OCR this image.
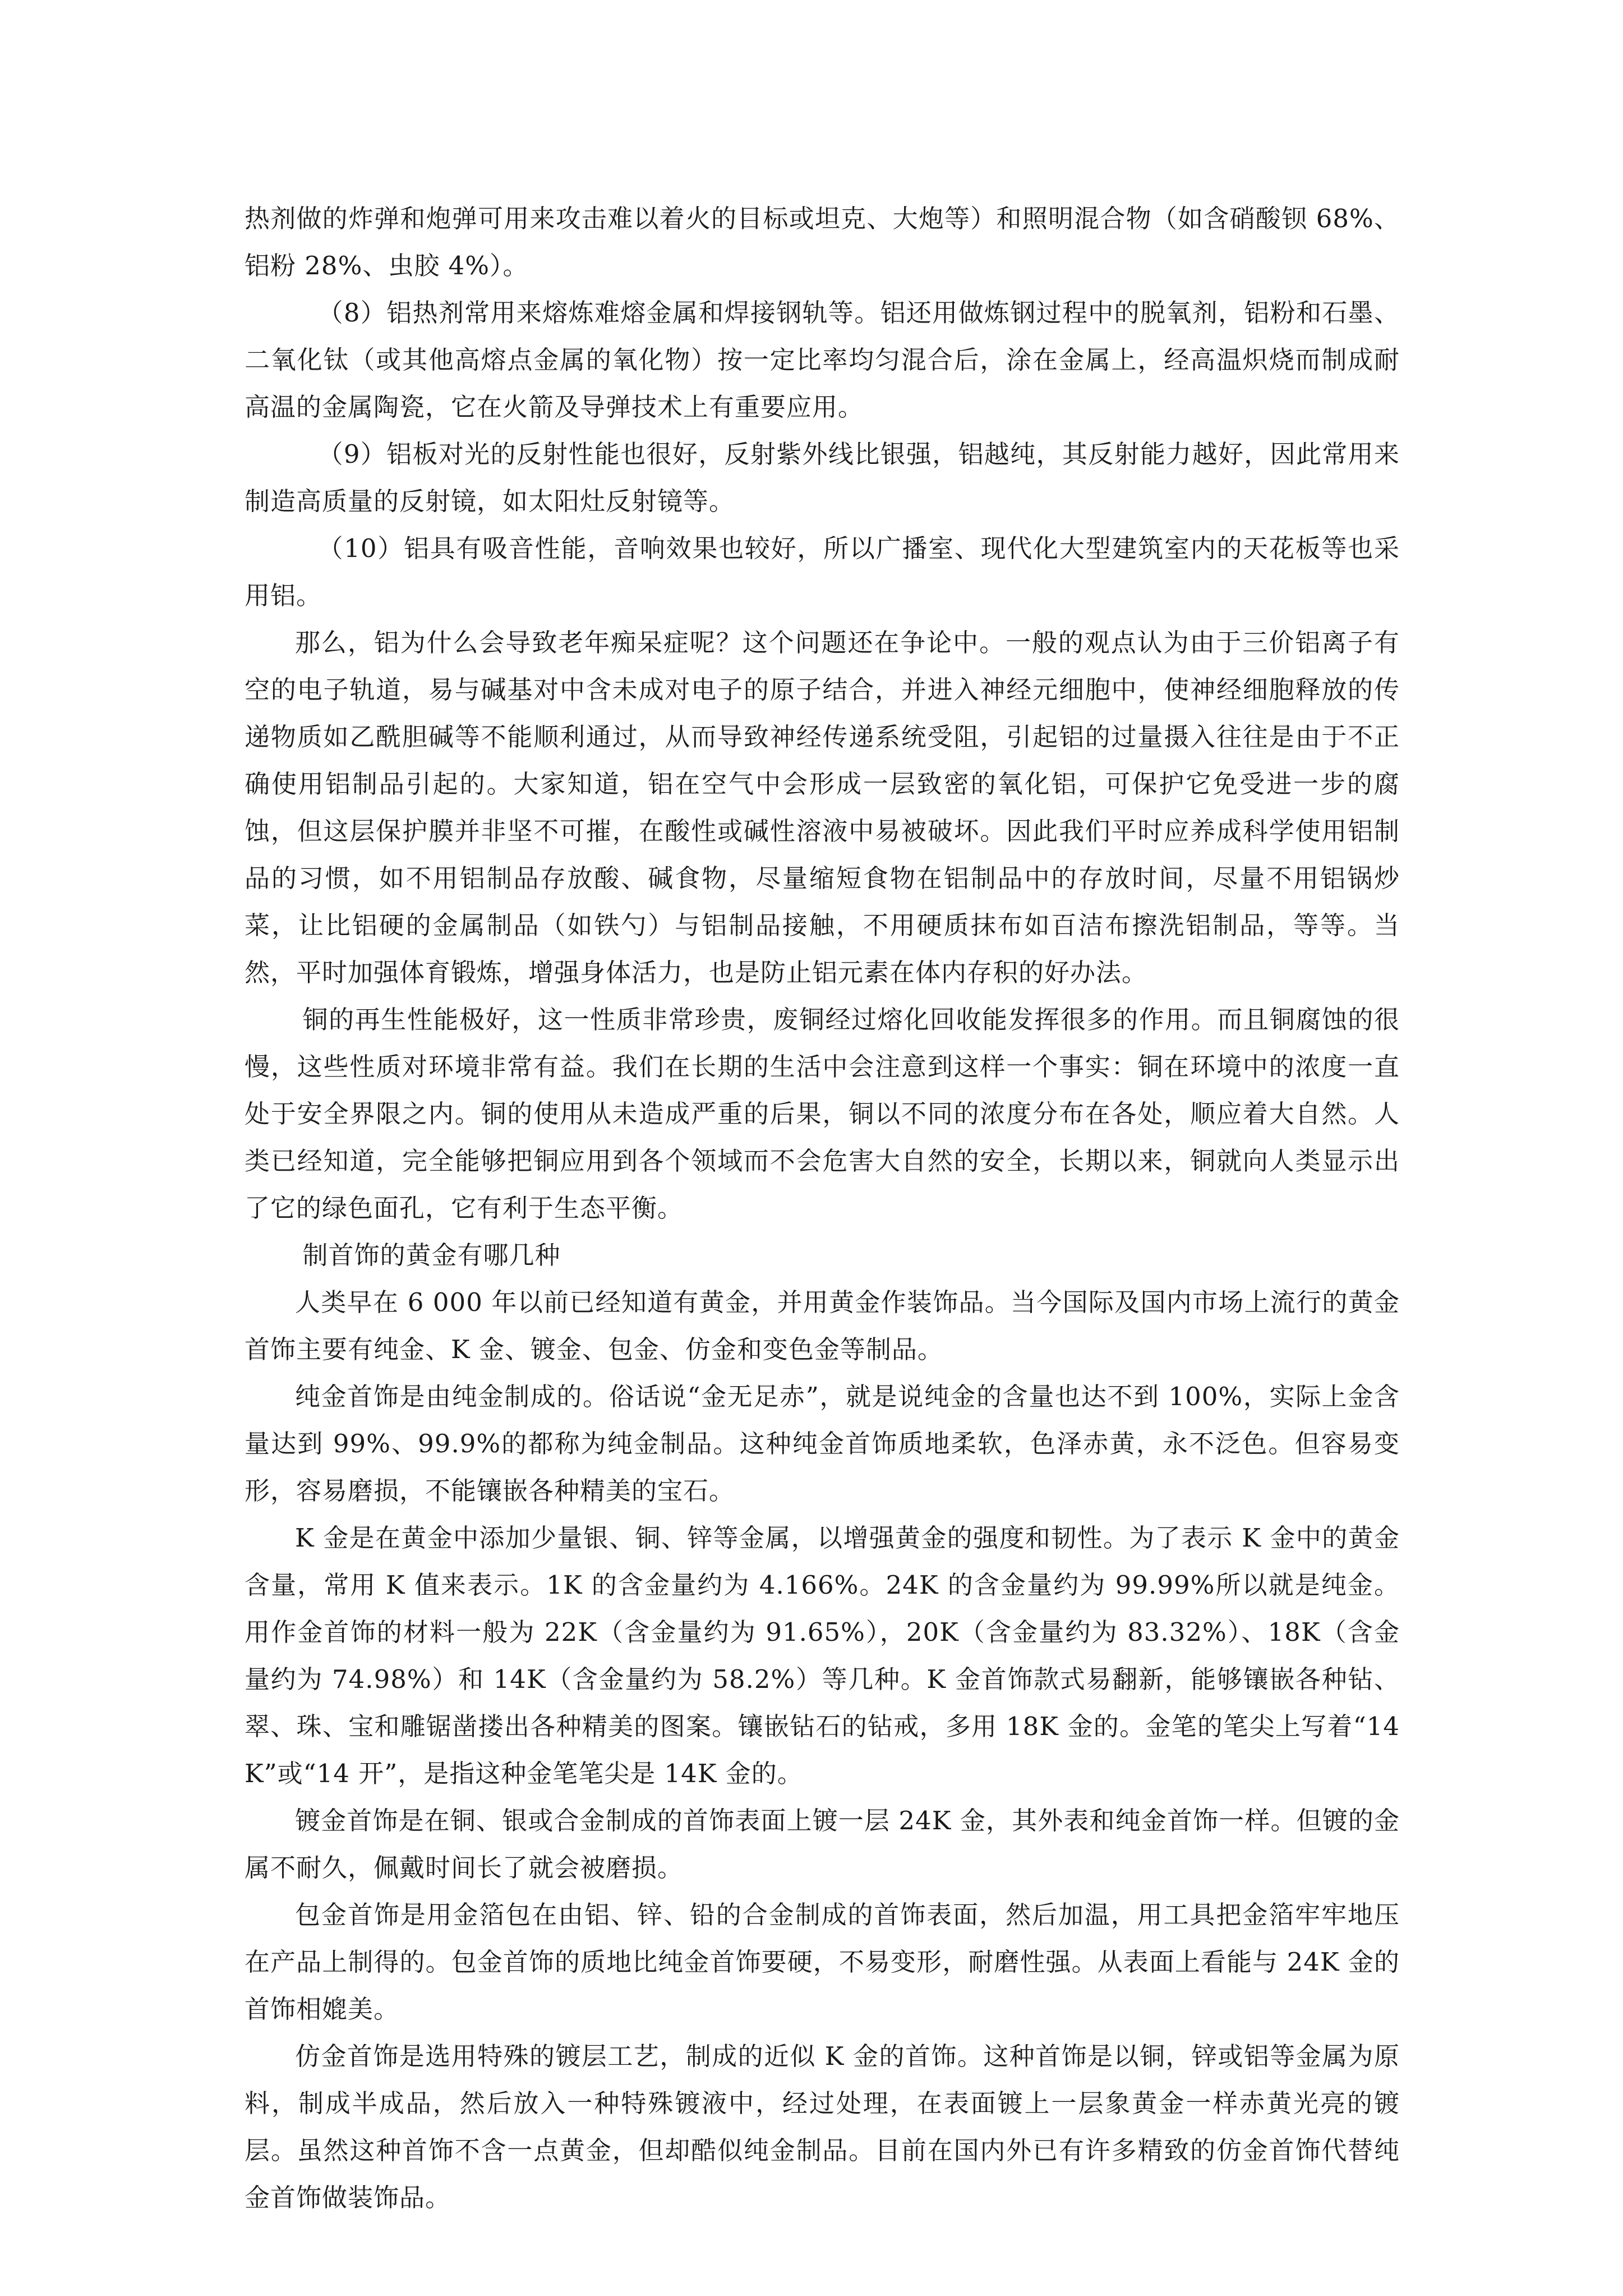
热剂做的炸弹和炮弹可用来攻击难以着火的目标或坦克、大炮等）和照明混合物（如含硝酸钡 68%、铝粉 28%、虫胶 4%）。

（8）铝热剂常用来熔炼难熔金属和焊接钢轨等。铝还用做炼钢过程中的脱氧剂，铝粉和石墨、二氧化钛（或其他高熔点金属的氧化物）按一定比率均匀混合后，涂在金属上，经高温炽烧而制成耐高温的金属陶瓷，它在火箭及导弹技术上有重要应用。

（9）铝板对光的反射性能也很好，反射紫外线比银强，铝越纯，其反射能力越好，因此常用来制造高质量的反射镜，如太阳灶反射镜等。

（10）铝具有吸音性能，音响效果也较好，所以广播室、现代化大型建筑室内的天花板等也采用铝。

那么，铝为什么会导致老年痴呆症呢？这个问题还在争论中。一般的观点认为由于三价铝离子有空的电子轨道，易与碱基对中含未成对电子的原子结合，并进入神经元细胞中，使神经细胞释放的传递物质如乙酰胆碱等不能顺利通过，从而导致神经传递系统受阻，引起铝的过量摄入往往是由于不正确使用铝制品引起的。大家知道，铝在空气中会形成一层致密的氧化铝，可保护它免受进一步的腐蚀，但这层保护膜并非坚不可摧，在酸性或碱性溶液中易被破坏。因此我们平时应养成科学使用铝制品的习惯，如不用铝制品存放酸、碱食物，尽量缩短食物在铝制品中的存放时间，尽量不用铝锅炒菜，让比铝硬的金属制品（如铁勺）与铝制品接触，不用硬质抹布如百洁布擦洗铝制品，等等。当然，平时加强体育锻炼，增强身体活力，也是防止铝元素在体内存积的好办法。

铜的再生性能极好，这一性质非常珍贵，废铜经过熔化回收能发挥很多的作用。而且铜腐蚀的很慢，这些性质对环境非常有益。我们在长期的生活中会注意到这样一个事实：铜在环境中的浓度一直处于安全界限之内。铜的使用从未造成严重的后果，铜以不同的浓度分布在各处，顺应着大自然。人类已经知道，完全能够把铜应用到各个领域而不会危害大自然的安全，长期以来，铜就向人类显示出了它的绿色面孔，它有利于生态平衡。

制首饰的黄金有哪几种

人类早在 6 000 年以前已经知道有黄金，并用黄金作装饰品。当今国际及国内市场上流行的黄金首饰主要有纯金、K 金、镀金、包金、仿金和变色金等制品。

纯金首饰是由纯金制成的。俗话说“金无足赤”，就是说纯金的含量也达不到 100%，实际上金含量达到 99%、99.9%的都称为纯金制品。这种纯金首饰质地柔软，色泽赤黄，永不泛色。但容易变形，容易磨损，不能镶嵌各种精美的宝石。

K 金是在黄金中添加少量银、铜、锌等金属，以增强黄金的强度和韧性。为了表示 K 金中的黄金含量，常用 K 值来表示。1K 的含金量约为 4.166%。24K 的含金量约为 99.99%所以就是纯金。用作金首饰的材料一般为 22K（含金量约为 91.65%），20K（含金量约为 83.32%）、18K（含金量约为 74.98%）和 14K（含金量约为 58.2%）等几种。K 金首饰款式易翻新，能够镶嵌各种钻、翠、珠、宝和雕锯凿搂出各种精美的图案。镶嵌钻石的钻戒，多用 18K 金的。金笔的笔尖上写着“14K”或“14 开”，是指这种金笔笔尖是 14K 金的。

镀金首饰是在铜、银或合金制成的首饰表面上镀一层 24K 金，其外表和纯金首饰一样。但镀的金属不耐久，佩戴时间长了就会被磨损。

包金首饰是用金箔包在由铝、锌、铅的合金制成的首饰表面，然后加温，用工具把金箔牢牢地压在产品上制得的。包金首饰的质地比纯金首饰要硬，不易变形，耐磨性强。从表面上看能与 24K 金的首饰相媲美。

仿金首饰是选用特殊的镀层工艺，制成的近似 K 金的首饰。这种首饰是以铜，锌或铝等金属为原料，制成半成品，然后放入一种特殊镀液中，经过处理，在表面镀上一层象黄金一样赤黄光亮的镀层。虽然这种首饰不含一点黄金，但却酷似纯金制品。目前在国内外已有许多精致的仿金首饰代替纯金首饰做装饰品。
